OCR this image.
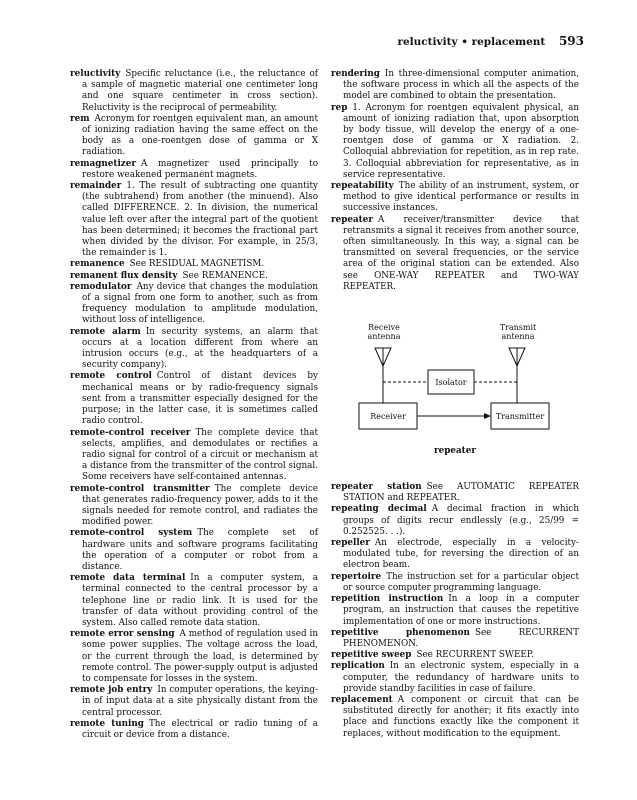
reluctivity • replacement 593
reluctivity Specific reluctance (i.e., the reluctance of a sample of magnetic material one centimeter long and one square centimeter in cross section). Reluctivity is the reciprocal of permeability.
rem Acronym for roentgen equivalent man, an amount of ionizing radiation having the same effect on the body as a one-roentgen dose of gamma or X radiation.
remagnetizer A magnetizer used principally to restore weakened permanent magnets.
remainder 1. The result of subtracting one quantity (the subtrahend) from another (the minuend). Also called DIFFERENCE. 2. In division, the numerical value left over after the integral part of the quotient has been determined; it becomes the fractional part when divided by the divisor. For example, in 25/3, the remainder is 1.
remanence See RESIDUAL MAGNETISM.
remanent flux density See REMANENCE.
remodulator Any device that changes the modulation of a signal from one form to another, such as from frequency modulation to amplitude modulation, without loss of intelligence.
remote alarm In security systems, an alarm that occurs at a location different from where an intrusion occurs (e.g., at the headquarters of a security company).
remote control Control of distant devices by mechanical means or by radio-frequency signals sent from a transmitter especially designed for the purpose; in the latter case, it is sometimes called radio control.
remote-control receiver The complete device that selects, amplifies, and demodulates or rectifies a radio signal for control of a circuit or mechanism at a distance from the transmitter of the control signal. Some receivers have self-contained antennas.
remote-control transmitter The complete device that generates radio-frequency power, adds to it the signals needed for remote control, and radiates the modified power.
remote-control system The complete set of hardware units and software programs facilitating the operation of a computer or robot from a distance.
remote data terminal In a computer system, a terminal connected to the central processor by a telephone line or radio link. It is used for the transfer of data without providing control of the system. Also called remote data station.
remote error sensing A method of regulation used in some power supplies. The voltage across the load, or the current through the load, is determined by remote control. The power-supply output is adjusted to compensate for losses in the system.
remote job entry In computer operations, the keying-in of input data at a site physically distant from the central processor.
remote tuning The electrical or radio tuning of a circuit or device from a distance.
rendering In three-dimensional computer animation, the software process in which all the aspects of the model are combined to obtain the presentation.
rep 1. Acronym for roentgen equivalent physical, an amount of ionizing radiation that, upon absorption by body tissue, will develop the energy of a one-roentgen dose of gamma or X radiation. 2. Colloquial abbreviation for repetition, as in rep rate. 3. Colloquial abbreviation for representative, as in service representative.
repeatability The ability of an instrument, system, or method to give identical performance or results in successive instances.
repeater A receiver/transmitter device that retransmits a signal it receives from another source, often simultaneously. In this way, a signal can be transmitted on several frequencies, or the service area of the original station can be extended. Also see ONE-WAY REPEATER and TWO-WAY REPEATER.
Receive antenna
Transmit antenna
Isolator
Receiver	Transmitter
repeater
repeater station See AUTOMATIC REPEATER STATION and REPEATER.
repeating decimal A decimal fraction in which groups of digits recur endlessly (e.g., 25/99 = 0.252525. . .).
repeller An electrode, especially in a velocity-modulated tube, for reversing the direction of an electron beam.
repertoire The instruction set for a particular object or source computer programming language.
repetition instruction In a loop in a computer program, an instruction that causes the repetitive implementation of one or more instructions.
repetitive phenomenon See RECURRENT PHENOMENON.
repetitive sweep See RECURRENT SWEEP.
replication In an electronic system, especially in a computer, the redundancy of hardware units to provide standby facilities in case of failure.
replacement A component or circuit that can be substituted directly for another; it fits exactly into place and functions exactly like the component it replaces, without modification to the equipment.
